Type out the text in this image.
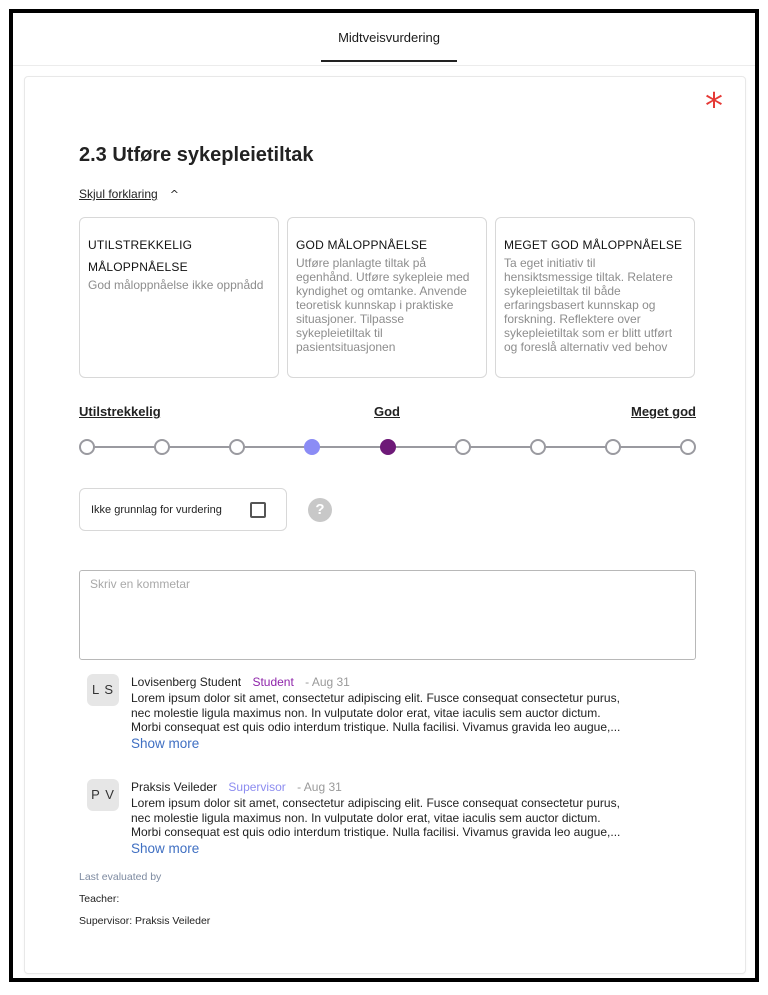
Midtveisvurdering
*
2.3 Utføre sykepleietiltak
Skjul forklaring ^
UTILSTREKKELIG
MÅLOPPNÅELSE

God måloppnåelse ikke oppnådd

GOD MÅLOPPNÅELSE

Utføre planlagte tiltak på egenhånd. Utføre sykepleie med kyndighet og omtanke. Anvende teoretisk kunnskap i praktiske situasjoner. Tilpasse sykepleietiltak til pasientsituasjonen

MEGET GOD MÅLOPPNÅELSE

Ta eget initiativ til hensiktsmessige tiltak. Relatere sykepleietiltak til både erfaringsbasert kunnskap og forskning. Reflektere over sykepleietiltak som er blitt utført og foreslå alternativ ved behov

Utilstrekkelig	God	Meget god
Ikke grunnlag for vurdering	?
Skriv en kommetar
L S	Lovisenberg Student Student - Aug 31
Lorem ipsum dolor sit amet, consectetur adipiscing elit. Fusce consequat consectetur purus,
nec molestie ligula maximus non. In vulputate dolor erat, vitae iaculis sem auctor dictum.
Morbi consequat est quis odio interdum tristique. Nulla facilisi. Vivamus gravida leo augue,...
Show more
P V	Praksis Veileder Supervisor - Aug 31
Lorem ipsum dolor sit amet, consectetur adipiscing elit. Fusce consequat consectetur purus,
nec molestie ligula maximus non. In vulputate dolor erat, vitae iaculis sem auctor dictum.
Morbi consequat est quis odio interdum tristique. Nulla facilisi. Vivamus gravida leo augue,...
Show more
Last evaluated by
Teacher:
Supervisor: Praksis Veileder
